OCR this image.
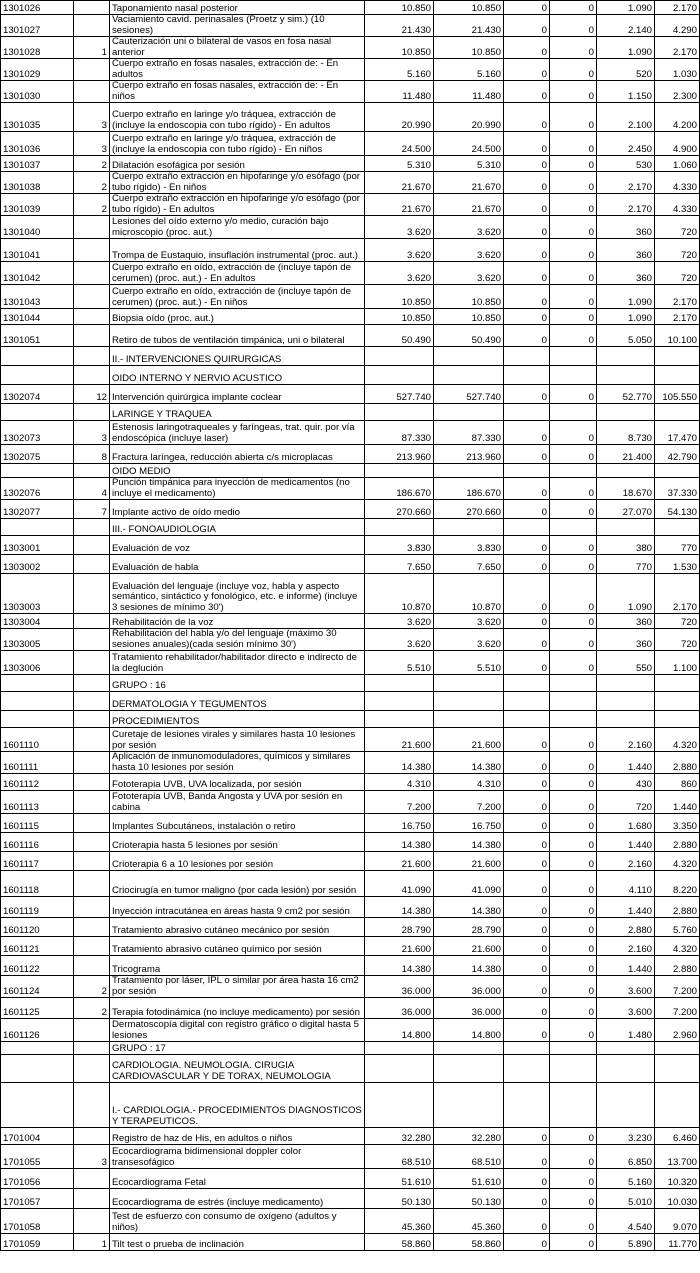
1301026		Taponamiento nasal posterior	10.850	10.850	0	0	1.090	2.170
1301027		Vaciamiento cavid. perinasales (Proetz y sim.) (10 sesiones)	21.430	21.430	0	0	2.140	4.290
1301028	1	Cauterización uni o bilateral de vasos en fosa nasal anterior	10.850	10.850	0	0	1.090	2.170
1301029		Cuerpo extraño en fosas nasales, extracción de: - En adultos	5.160	5.160	0	0	520	1.030
1301030		Cuerpo extraño en fosas nasales, extracción de: - En niños	11.480	11.480	0	0	1.150	2.300
1301035	3	Cuerpo extraño en laringe y/o tráquea, extracción de (incluye la endoscopia con tubo rígido) - En adultos	20.990	20.990	0	0	2.100	4.200
1301036	3	Cuerpo extraño en laringe y/o tráquea, extracción de (incluye la endoscopia con tubo rígido) - En niños	24.500	24.500	0	0	2.450	4.900
1301037	2	Dilatación esofágica por sesión	5.310	5.310	0	0	530	1.060
1301038	2	Cuerpo extraño extracción en hipofaringe y/o esófago (por tubo rígido) - En niños	21.670	21.670	0	0	2.170	4.330
1301039	2	Cuerpo extraño extracción en hipofaringe y/o esófago (por tubo rígido) - En adultos	21.670	21.670	0	0	2.170	4.330
1301040		Lesiones del oído externo y/o medio, curación bajo microscopio (proc. aut.)	3.620	3.620	0	0	360	720
1301041		Trompa de Eustaquio, insuflación instrumental (proc. aut.)	3.620	3.620	0	0	360	720
1301042		Cuerpo extraño en oído, extracción de (incluye tapón de cerumen) (proc. aut.) - En adultos	3.620	3.620	0	0	360	720
1301043		Cuerpo extraño en oído, extracción de (incluye tapón de cerumen) (proc. aut.) - En niños	10.850	10.850	0	0	1.090	2.170
1301044		Biopsia oído (proc. aut.)	10.850	10.850	0	0	1.090	2.170
1301051		Retiro de tubos de ventilación timpánica, uni o bilateral	50.490	50.490	0	0	5.050	10.100
		II.- INTERVENCIONES QUIRURGICAS						
		OIDO INTERNO Y NERVIO ACUSTICO						
1302074	12	Intervención quirúrgica implante coclear	527.740	527.740	0	0	52.770	105.550
		LARINGE Y TRAQUEA						
1302073	3	Estenosis laringotraqueales y faríngeas, trat. quir. por vía endoscópica (incluye laser)	87.330	87.330	0	0	8.730	17.470
1302075	8	Fractura laríngea, reducción abierta c/s microplacas	213.960	213.960	0	0	21.400	42.790
		OIDO MEDIO						
1302076	4	Punción timpánica para inyección de medicamentos (no incluye el medicamento)	186.670	186.670	0	0	18.670	37.330
1302077	7	Implante activo de oído medio	270.660	270.660	0	0	27.070	54.130
		III.- FONOAUDIOLOGIA						
1303001		Evaluación de voz	3.830	3.830	0	0	380	770
1303002		Evaluación de habla	7.650	7.650	0	0	770	1.530
1303003		Evaluación del lenguaje (incluye voz, habla y aspecto semántico, sintáctico y fonológico, etc. e informe) (incluye 3 sesiones de mínimo 30')	10.870	10.870	0	0	1.090	2.170
1303004		Rehabilitación de la voz	3.620	3.620	0	0	360	720
1303005		Rehabilitación del habla y/o del lenguaje (máximo 30 sesiones anuales)(cada sesión mínimo 30')	3.620	3.620	0	0	360	720
1303006		Tratamiento rehabilitador/habilitador directo e indirecto de la deglución	5.510	5.510	0	0	550	1.100
		GRUPO : 16						
		DERMATOLOGIA Y TEGUMENTOS						
		PROCEDIMIENTOS						
1601110		Curetaje de lesiones virales y similares hasta 10 lesiones por sesión	21.600	21.600	0	0	2.160	4.320
1601111		Aplicación de inmunomoduladores, químicos y similares hasta 10 lesiones por sesión	14.380	14.380	0	0	1.440	2.880
1601112		Fototerapia UVB, UVA localizada, por sesión	4.310	4.310	0	0	430	860
1601113		Fototerapia UVB, Banda Angosta y UVA por sesión en cabina	7.200	7.200	0	0	720	1.440
1601115		Implantes Subcutáneos, instalación o retiro	16.750	16.750	0	0	1.680	3.350
1601116		Crioterapia hasta 5 lesiones por sesión	14.380	14.380	0	0	1.440	2.880
1601117		Crioterapia 6 a 10 lesiones por sesión	21.600	21.600	0	0	2.160	4.320
1601118		Criocirugía en tumor maligno (por cada lesión) por sesión	41.090	41.090	0	0	4.110	8.220
1601119		Inyección intracutánea en áreas hasta 9 cm2 por sesión	14.380	14.380	0	0	1.440	2.880
1601120		Tratamiento abrasivo cutáneo mecánico por sesión	28.790	28.790	0	0	2.880	5.760
1601121		Tratamiento abrasivo cutáneo químico por sesión	21.600	21.600	0	0	2.160	4.320
1601122		Tricograma	14.380	14.380	0	0	1.440	2.880
1601124	2	Tratamiento por láser, IPL o similar por área hasta 16 cm2 por sesión	36.000	36.000	0	0	3.600	7.200
1601125	2	Terapia fotodinámica (no incluye medicamento) por sesión	36.000	36.000	0	0	3.600	7.200
1601126		Dermatoscopía digital con registro gráfico o digital hasta 5 lesiones	14.800	14.800	0	0	1.480	2.960
		GRUPO : 17						
		CARDIOLOGIA. NEUMOLOGIA. CIRUGIA CARDIOVASCULAR Y DE TORAX, NEUMOLOGIA						
		I.- CARDIOLOGIA.- PROCEDIMIENTOS DIAGNOSTICOS Y TERAPEUTICOS.						
1701004		Registro de haz de His, en adultos o niños	32.280	32.280	0	0	3.230	6.460
1701055	3	Ecocardiograma bidimensional doppler color transesofágico	68.510	68.510	0	0	6.850	13.700
1701056		Ecocardiograma Fetal	51.610	51.610	0	0	5.160	10.320
1701057		Ecocardiograma de estrés (incluye medicamento)	50.130	50.130	0	0	5.010	10.030
1701058		Test de esfuerzo con consumo de oxígeno (adultos y niños)	45.360	45.360	0	0	4.540	9.070
1701059	1	Tilt test o prueba de inclinación	58.860	58.860	0	0	5.890	11.770
